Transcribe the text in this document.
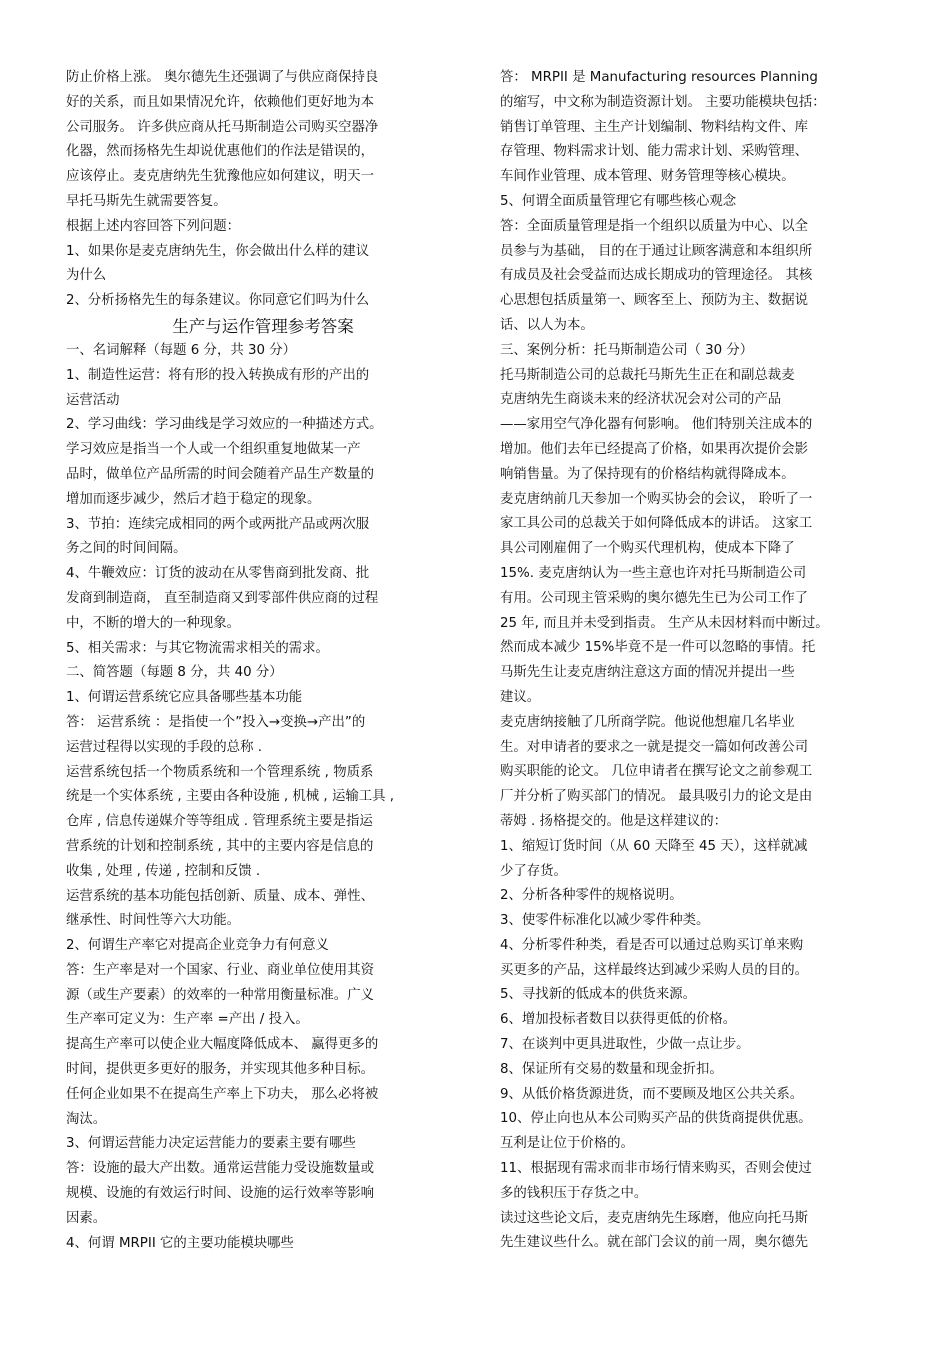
防止价格上涨。 奥尔德先生还强调了与供应商保持良
好的关系，而且如果情况允许，依赖他们更好地为本
公司服务。 许多供应商从托马斯制造公司购买空器净
化器，然而扬格先生却说优惠他们的作法是错误的，
应该停止。麦克唐纳先生犹豫他应如何建议，明天一
早托马斯先生就需要答复。
根据上述内容回答下列问题：
1、如果你是麦克唐纳先生，你会做出什么样的建议
为什么
2、分析扬格先生的每条建议。你同意它们吗为什么
生产与运作管理参考答案
一、名词解释（每题 6 分，共 30 分）
1、制造性运营：将有形的投入转换成有形的产出的
运营活动
2、学习曲线：学习曲线是学习效应的一种描述方式。
学习效应是指当一个人或一个组织重复地做某一产
品时，做单位产品所需的时间会随着产品生产数量的
增加而逐步减少，然后才趋于稳定的现象。
3、节拍：连续完成相同的两个或两批产品或两次服
务之间的时间间隔。
4、牛鞭效应：订货的波动在从零售商到批发商、批
发商到制造商， 直至制造商又到零部件供应商的过程
中，不断的增大的一种现象。
5、相关需求：与其它物流需求相关的需求。
二、简答题（每题 8 分，共 40 分）
1、何谓运营系统它应具备哪些基本功能
答： 运营系统 ：是指使一个”投入→变换→产出”的
运营过程得以实现的手段的总称 .
运营系统包括一个物质系统和一个管理系统 , 物质系
统是一个实体系统 , 主要由各种设施 , 机械 , 运输工具 ,
仓库 , 信息传递媒介等等组成 . 管理系统主要是指运
营系统的计划和控制系统 , 其中的主要内容是信息的
收集 , 处理 , 传递 , 控制和反馈 .
运营系统的基本功能包括创新、质量、成本、弹性、
继承性、时间性等六大功能。
2、何谓生产率它对提高企业竞争力有何意义
答：生产率是对一个国家、行业、商业单位使用其资
源（或生产要素）的效率的一种常用衡量标准。广义
生产率可定义为：生产率 =产出 / 投入。
提高生产率可以使企业大幅度降低成本、 赢得更多的
时间，提供更多更好的服务，并实现其他多种目标。
任何企业如果不在提高生产率上下功夫， 那么必将被
淘汰。
3、何谓运营能力决定运营能力的要素主要有哪些
答：设施的最大产出数。通常运营能力受设施数量或
规模、设施的有效运行时间、设施的运行效率等影响
因素。
4、何谓 MRPII 它的主要功能模块哪些
答： MRPII 是 Manufacturing resources Planning
的缩写，中文称为制造资源计划。 主要功能模块包括：
销售订单管理、主生产计划编制、物料结构文件、库
存管理、物料需求计划、能力需求计划、采购管理、
车间作业管理、成本管理、财务管理等核心模块。
5、何谓全面质量管理它有哪些核心观念
答：全面质量管理是指一个组织以质量为中心、以全
员参与为基础， 目的在于通过让顾客满意和本组织所
有成员及社会受益而达成长期成功的管理途径。 其核
心思想包括质量第一、顾客至上、预防为主、数据说
话、以人为本。
三、案例分析：托马斯制造公司（ 30 分）
托马斯制造公司的总裁托马斯先生正在和副总裁麦
克唐纳先生商谈未来的经济状况会对公司的产品
——家用空气净化器有何影响。 他们特别关注成本的
增加。他们去年已经提高了价格，如果再次提价会影
响销售量。为了保持现有的价格结构就得降成本。
麦克唐纳前几天参加一个购买协会的会议， 聆听了一
家工具公司的总裁关于如何降低成本的讲话。 这家工
具公司刚雇佣了一个购买代理机构，使成本下降了
15%. 麦克唐纳认为一些主意也许对托马斯制造公司
有用。公司现主管采购的奥尔德先生已为公司工作了
25 年, 而且并未受到指责。 生产从未因材料而中断过。
然而成本减少 15%毕竟不是一件可以忽略的事情。托
马斯先生让麦克唐纳注意这方面的情况并提出一些
建议。
麦克唐纳接触了几所商学院。他说他想雇几名毕业
生。对申请者的要求之一就是提交一篇如何改善公司
购买职能的论文。 几位申请者在撰写论文之前参观工
厂并分析了购买部门的情况。 最具吸引力的论文是由
蒂姆 . 扬格提交的。他是这样建议的：
1、缩短订货时间（从 60 天降至 45 天），这样就减
少了存货。
2、分析各种零件的规格说明。
3、使零件标准化以减少零件种类。
4、分析零件种类，看是否可以通过总购买订单来购
买更多的产品，这样最终达到减少采购人员的目的。
5、寻找新的低成本的供货来源。
6、增加投标者数目以获得更低的价格。
7、在谈判中更具进取性，少做一点让步。
8、保证所有交易的数量和现金折扣。
9、从低价格货源进货，而不要顾及地区公共关系。
10、停止向也从本公司购买产品的供货商提供优惠。
互利是让位于价格的。
11、根据现有需求而非市场行情来购买，否则会使过
多的钱积压于存货之中。
读过这些论文后，麦克唐纳先生琢磨，他应向托马斯
先生建议些什么。就在部门会议的前一周，奥尔德先
